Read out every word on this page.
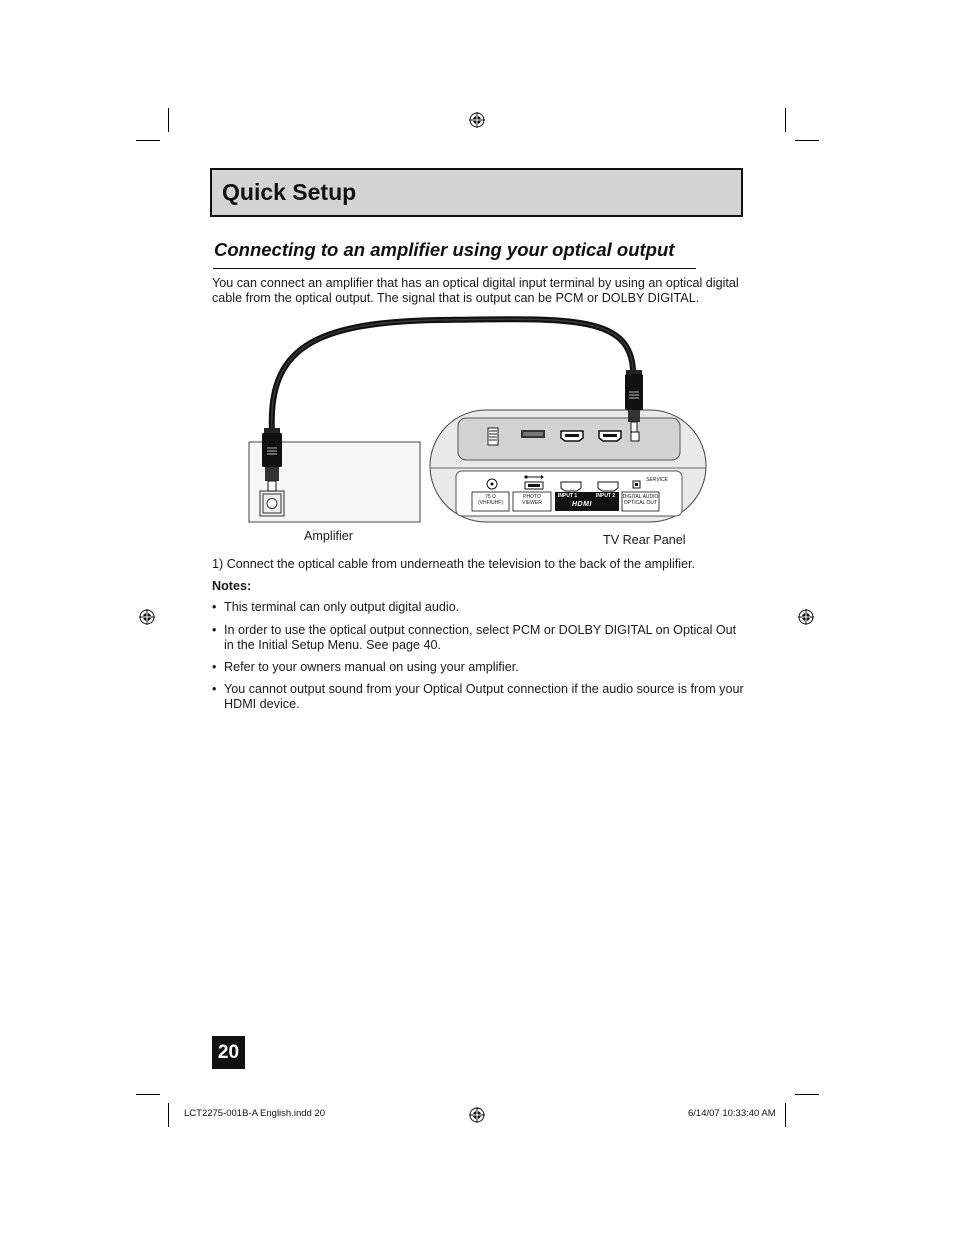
Quick Setup
Connecting to an amplifier using your optical output
You can connect an amplifier that has an optical digital input terminal by using an optical digital cable from the optical output. The signal that is output can be PCM or DOLBY DIGITAL.
75 Ω (VHF/UHF)
PHOTO VIEWER
INPUT 1	INPUT 2
HDMI
DIGITAL AUDIO OPTICAL OUT
SERVICE
Amplifier	TV Rear Panel
1) Connect the optical cable from underneath the television to the back of the amplifier.
Notes:
• This terminal can only output digital audio.
• In order to use the optical output connection, select PCM or DOLBY DIGITAL on Optical Out in the Initial Setup Menu. See page 40.
• Refer to your owners manual on using your amplifier.
• You cannot output sound from your Optical Output connection if the audio source is from your HDMI device.
20
LCT2275-001B-A English.indd 20	6/14/07 10:33:40 AM
